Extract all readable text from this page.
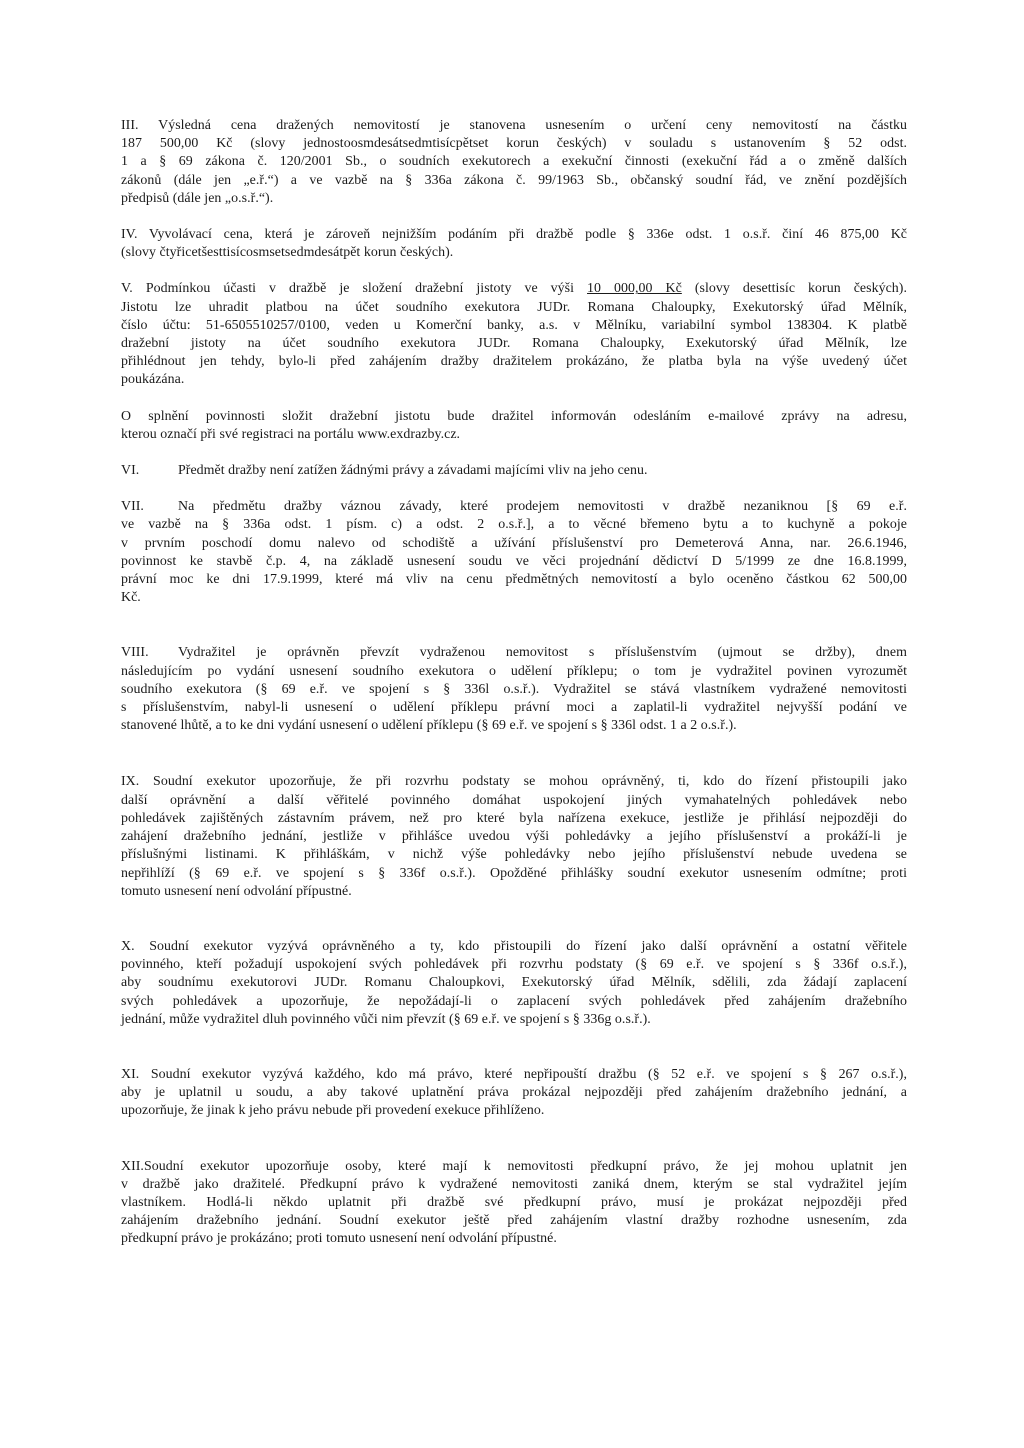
III. Výsledná cena dražených nemovitostí je stanovena usnesením o určení ceny nemovitostí na částku
187 500,00 Kč (slovy jednostoosmdesátsedmtisícpětset korun českých) v souladu s ustanovením § 52 odst.
1 a § 69 zákona č. 120/2001 Sb., o soudních exekutorech a exekuční činnosti (exekuční řád a o změně dalších
zákonů (dále jen „e.ř.“) a ve vazbě na § 336a zákona č. 99/1963 Sb., občanský soudní řád, ve znění pozdějších
předpisů (dále jen „o.s.ř.“).
IV. Vyvolávací cena, která je zároveň nejnižším podáním při dražbě podle § 336e odst. 1 o.s.ř. činí 46 875,00 Kč
(slovy čtyřicetšesttisícosmsetsedmdesátpět korun českých).
V. Podmínkou účasti v dražbě je složení dražební jistoty ve výši 10 000,00 Kč (slovy desettisíc korun českých).
Jistotu lze uhradit platbou na účet soudního exekutora JUDr. Romana Chaloupky, Exekutorský úřad Mělník,
číslo účtu: 51-6505510257/0100, veden u Komerční banky, a.s. v Mělníku, variabilní symbol 138304. K platbě
dražební jistoty na účet soudního exekutora JUDr. Romana Chaloupky, Exekutorský úřad Mělník, lze
přihlédnout jen tehdy, bylo-li před zahájením dražby dražitelem prokázáno, že platba byla na výše uvedený účet
poukázána.
O splnění povinnosti složit dražební jistotu bude dražitel informován odesláním e-mailové zprávy na adresu,
kterou označí při své registraci na portálu www.exdrazby.cz.
VI.	Předmět dražby není zatížen žádnými právy a závadami majícími vliv na jeho cenu.
VII. Na předmětu dražby váznou závady, které prodejem nemovitosti v dražbě nezaniknou [§ 69 e.ř.
ve vazbě na § 336a odst. 1 písm. c) a odst. 2 o.s.ř.], a to věcné břemeno bytu a to kuchyně a pokoje
v prvním poschodí domu nalevo od schodiště a užívání příslušenství pro Demeterová Anna, nar. 26.6.1946,
povinnost ke stavbě č.p. 4, na základě usnesení soudu ve věci projednání dědictví D 5/1999 ze dne 16.8.1999,
právní moc ke dni 17.9.1999, které má vliv na cenu předmětných nemovitostí a bylo oceněno částkou 62 500,00
Kč.
VIII. Vydražitel je oprávněn převzít vydraženou nemovitost s příslušenstvím (ujmout se držby), dnem
následujícím po vydání usnesení soudního exekutora o udělení příklepu; o tom je vydražitel povinen vyrozumět
soudního exekutora (§ 69 e.ř. ve spojení s § 336l o.s.ř.). Vydražitel se stává vlastníkem vydražené nemovitosti
s příslušenstvím, nabyl-li usnesení o udělení příklepu právní moci a zaplatil-li vydražitel nejvyšší podání ve
stanovené lhůtě, a to ke dni vydání usnesení o udělení příklepu (§ 69 e.ř. ve spojení s § 336l odst. 1 a 2 o.s.ř.).
IX. Soudní exekutor upozorňuje, že při rozvrhu podstaty se mohou oprávněný, ti, kdo do řízení přistoupili jako
další oprávnění a další věřitelé povinného domáhat uspokojení jiných vymahatelných pohledávek nebo
pohledávek zajištěných zástavním právem, než pro které byla nařízena exekuce, jestliže je přihlásí nejpozději do
zahájení dražebního jednání, jestliže v přihlášce uvedou výši pohledávky a jejího příslušenství a prokáží-li je
příslušnými listinami. K přihláškám, v nichž výše pohledávky nebo jejího příslušenství nebude uvedena se
nepřihlíží (§ 69 e.ř. ve spojení s § 336f o.s.ř.). Opožděné přihlášky soudní exekutor usnesením odmítne; proti
tomuto usnesení není odvolání přípustné.
X. Soudní exekutor vyzývá oprávněného a ty, kdo přistoupili do řízení jako další oprávnění a ostatní věřitele
povinného, kteří požadují uspokojení svých pohledávek při rozvrhu podstaty (§ 69 e.ř. ve spojení s § 336f o.s.ř.),
aby soudnímu exekutorovi JUDr. Romanu Chaloupkovi, Exekutorský úřad Mělník, sdělili, zda žádají zaplacení
svých pohledávek a upozorňuje, že nepožádají-li o zaplacení svých pohledávek před zahájením dražebního
jednání, může vydražitel dluh povinného vůči nim převzít (§ 69 e.ř. ve spojení s § 336g o.s.ř.).
XI. Soudní exekutor vyzývá každého, kdo má právo, které nepřipouští dražbu (§ 52 e.ř. ve spojení s § 267 o.s.ř.),
aby je uplatnil u soudu, a aby takové uplatnění práva prokázal nejpozději před zahájením dražebního jednání, a
upozorňuje, že jinak k jeho právu nebude při provedení exekuce přihlíženo.
XII.Soudní exekutor upozorňuje osoby, které mají k nemovitosti předkupní právo, že jej mohou uplatnit jen
v dražbě jako dražitelé. Předkupní právo k vydražené nemovitosti zaniká dnem, kterým se stal vydražitel jejím
vlastníkem. Hodlá-li někdo uplatnit při dražbě své předkupní právo, musí je prokázat nejpozději před
zahájením dražebního jednání. Soudní exekutor ještě před zahájením vlastní dražby rozhodne usnesením, zda
předkupní právo je prokázáno; proti tomuto usnesení není odvolání přípustné.
